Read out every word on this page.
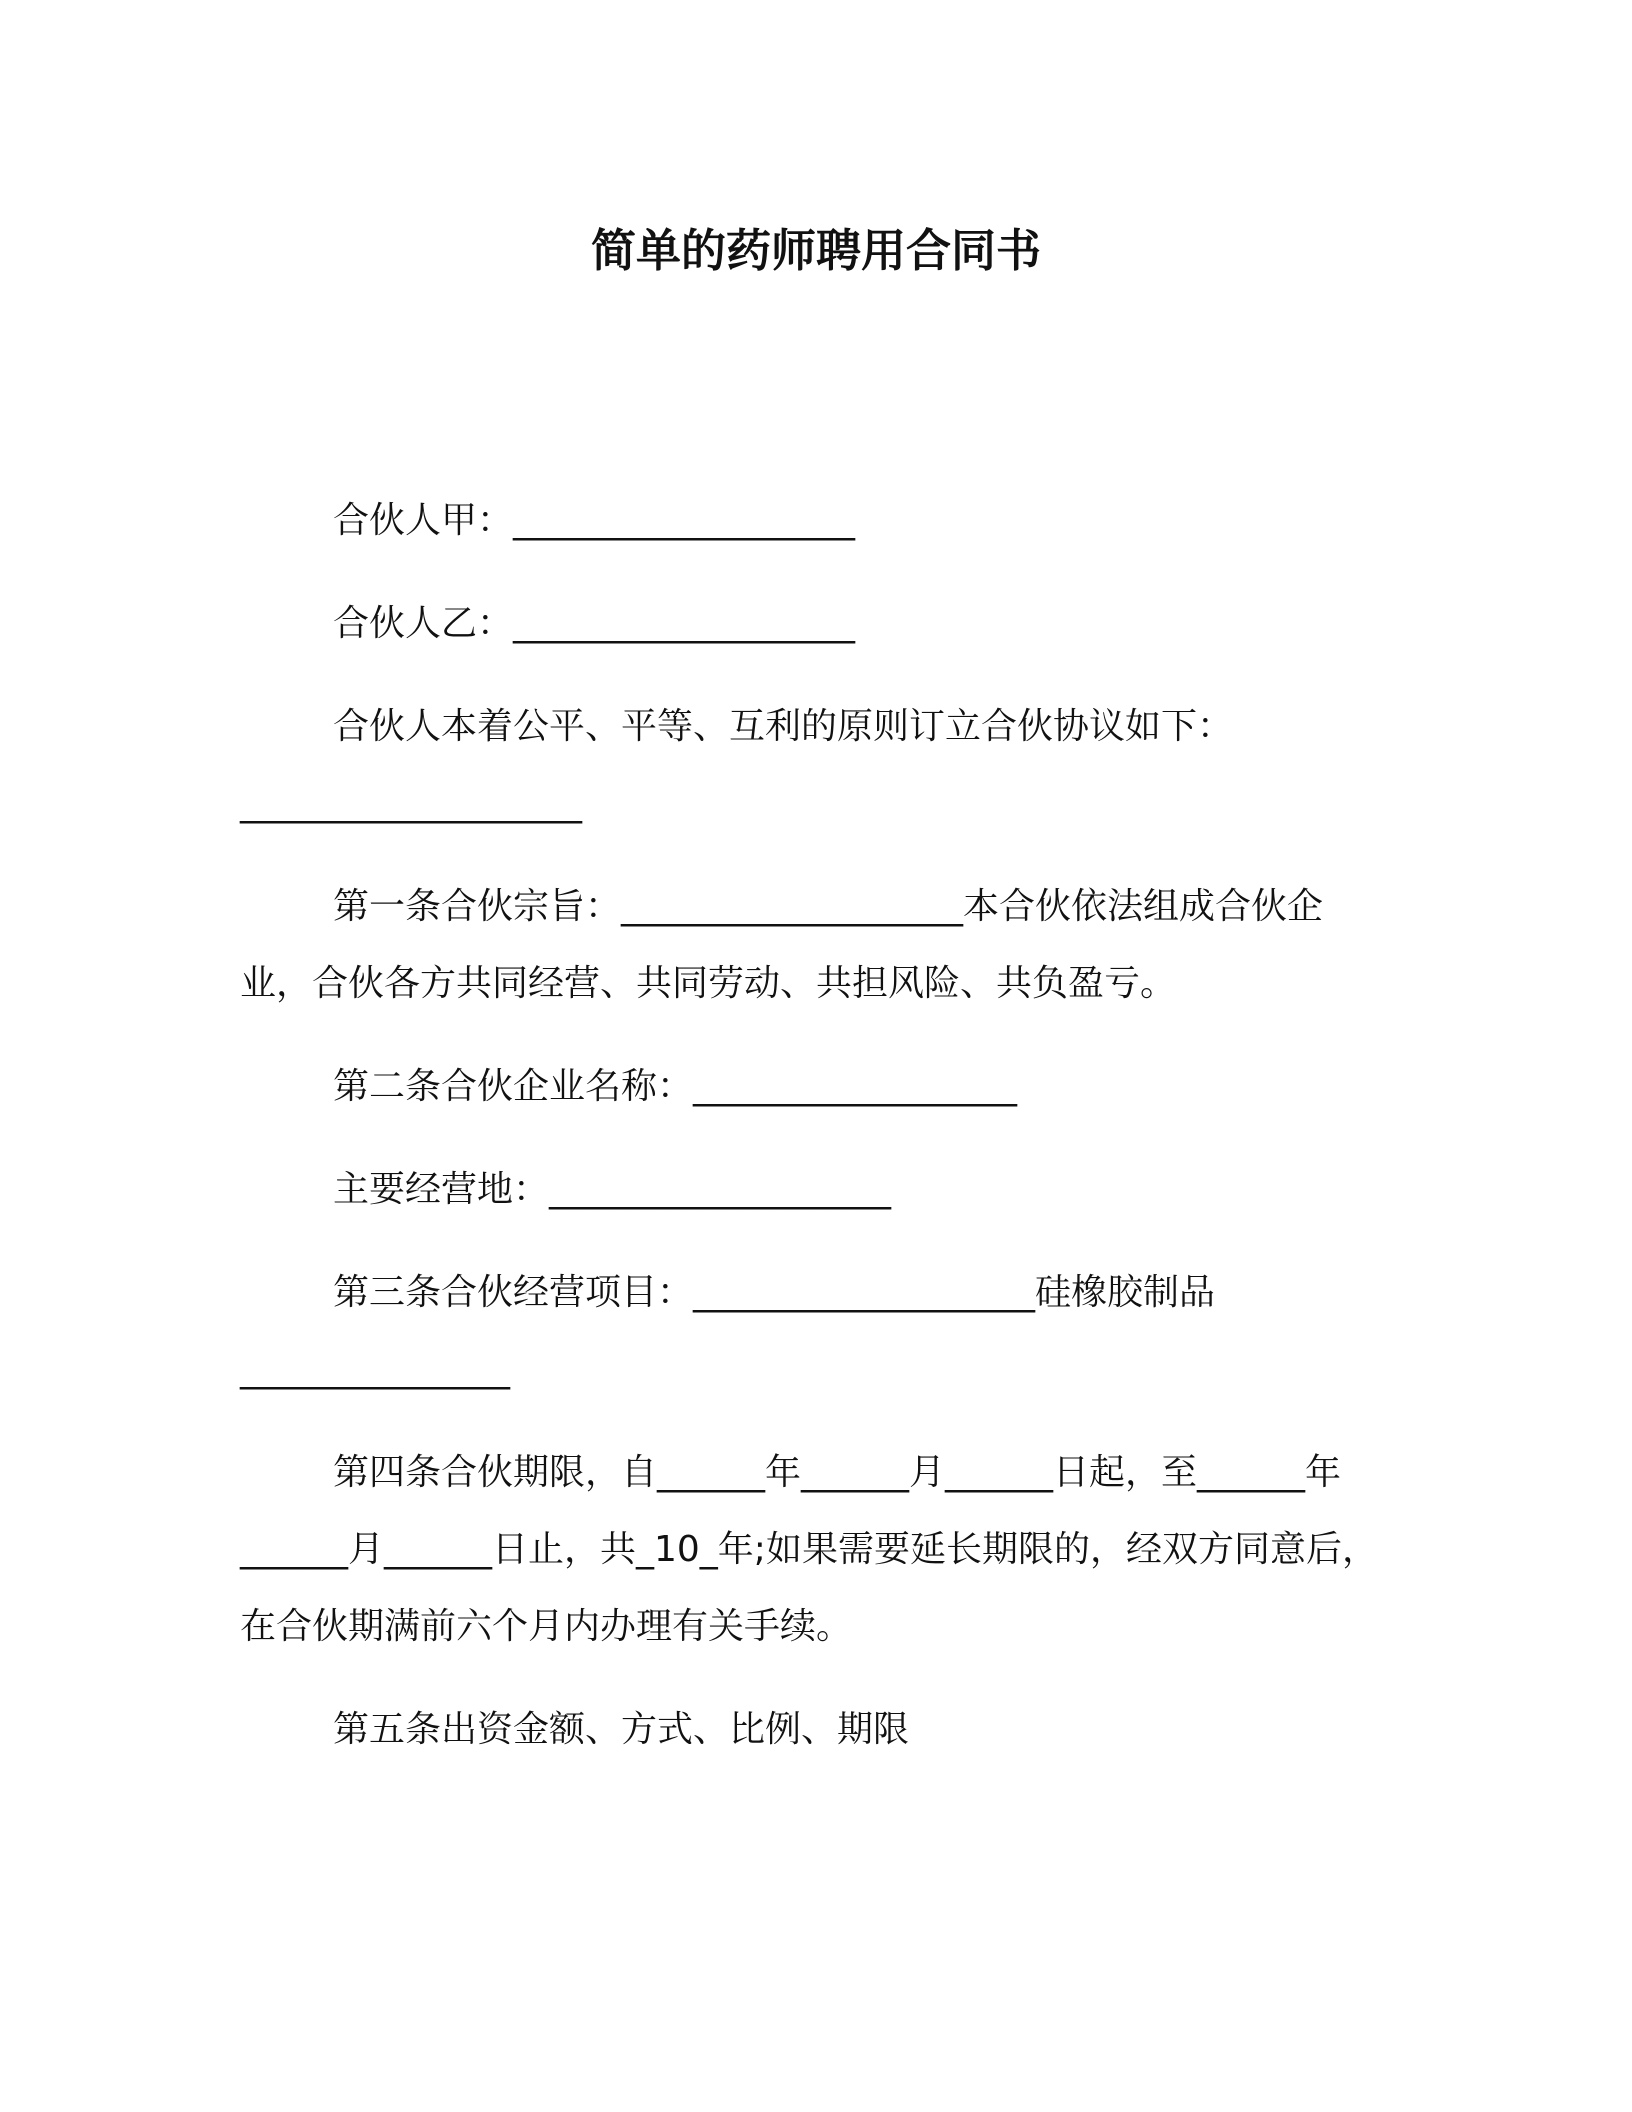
简单的药师聘用合同书
合伙人甲：___________________
合伙人乙：___________________
合伙人本着公平、平等、互利的原则订立合伙协议如下：
___________________
第一条合伙宗旨：___________________本合伙依法组成合伙企
业，合伙各方共同经营、共同劳动、共担风险、共负盈亏。
第二条合伙企业名称：__________________
主要经营地：___________________
第三条合伙经营项目：___________________硅橡胶制品
_______________
第四条合伙期限，自______年______月______日起，至______年
______月______日止，共_10_年;如果需要延长期限的，经双方同意后，
在合伙期满前六个月内办理有关手续。
第五条出资金额、方式、比例、期限
